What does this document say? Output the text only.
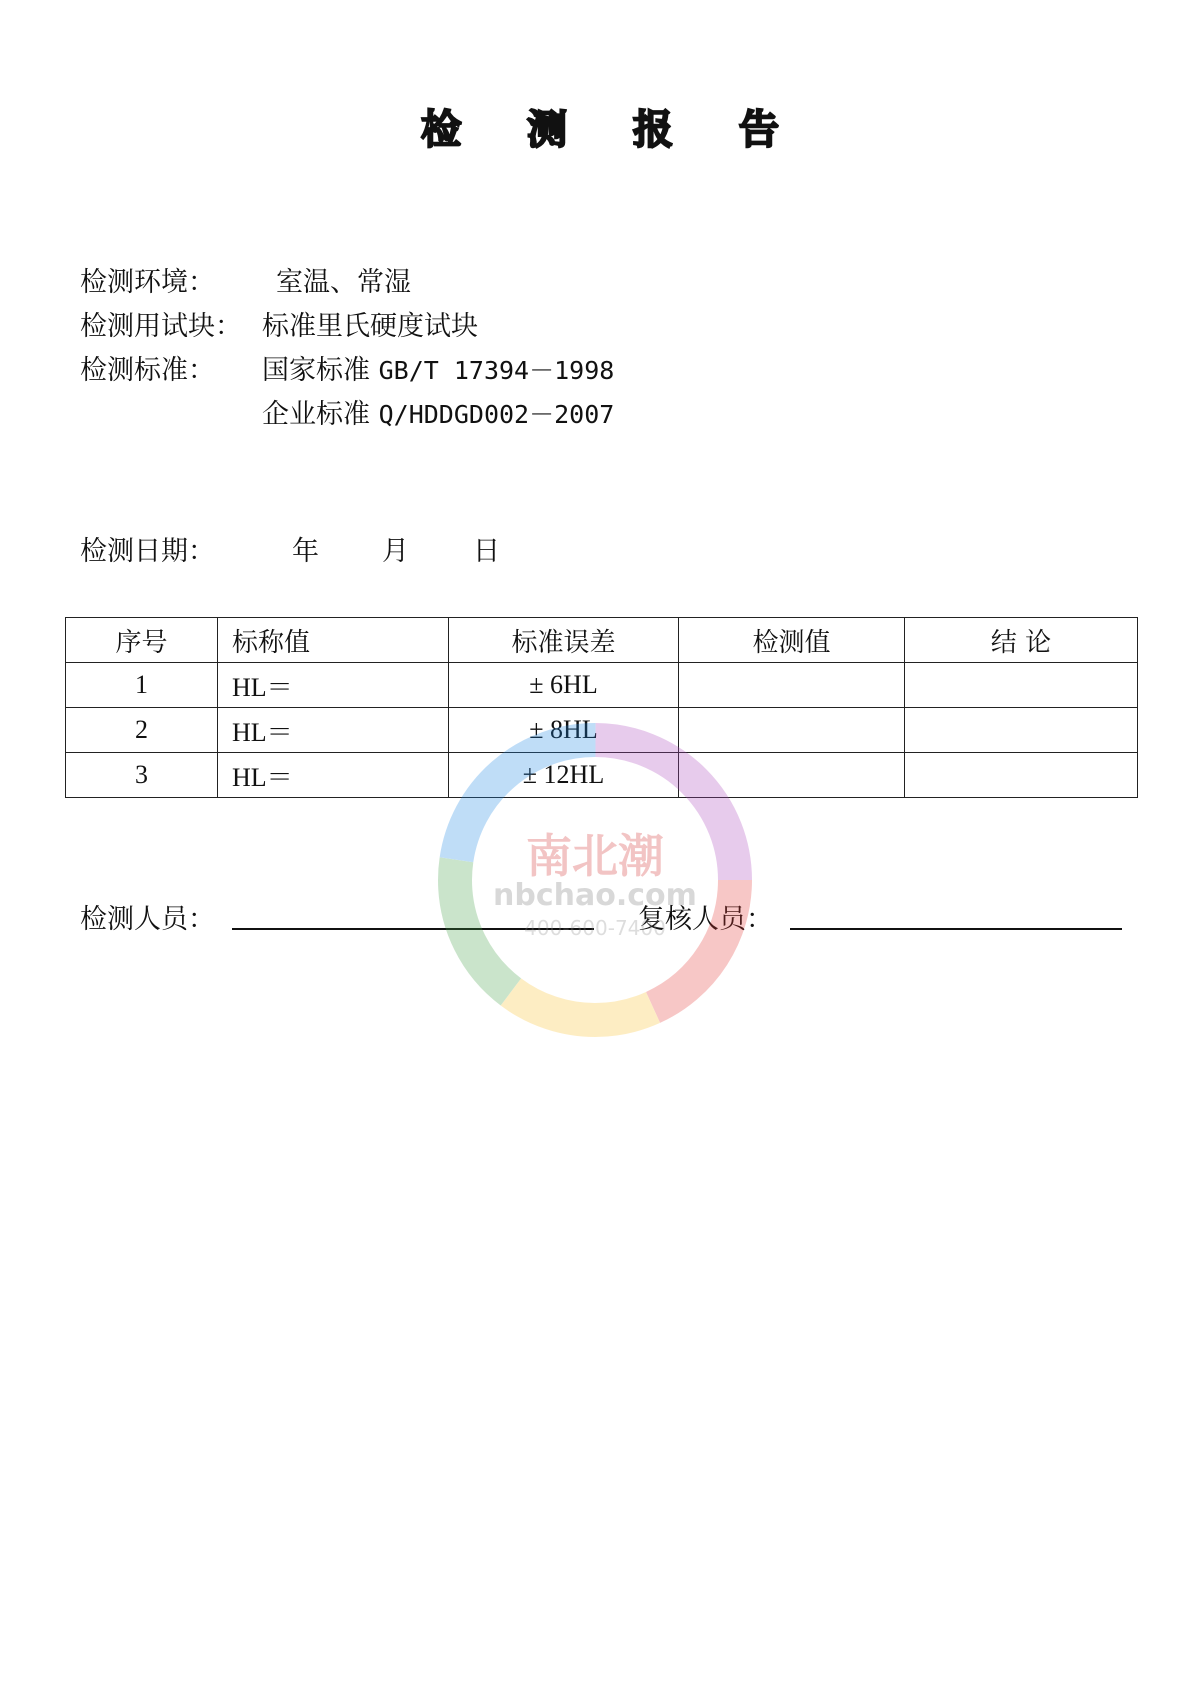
检 测 报 告
检测环境： 室温、常湿
检测用试块： 标准里氏硬度试块
检测标准： 国家标准 GB/T 17394－1998
企业标准 Q/HDDGD002－2007
检测日期：	年 月 日
序号	标称值	标准误差	检测值	结 论
1	HL＝	± 6HL		
2	HL＝	± 8HL		
3	HL＝	± 12HL		
检测人员：	复核人员：
南北潮
nbchao.com
400-600-7400
